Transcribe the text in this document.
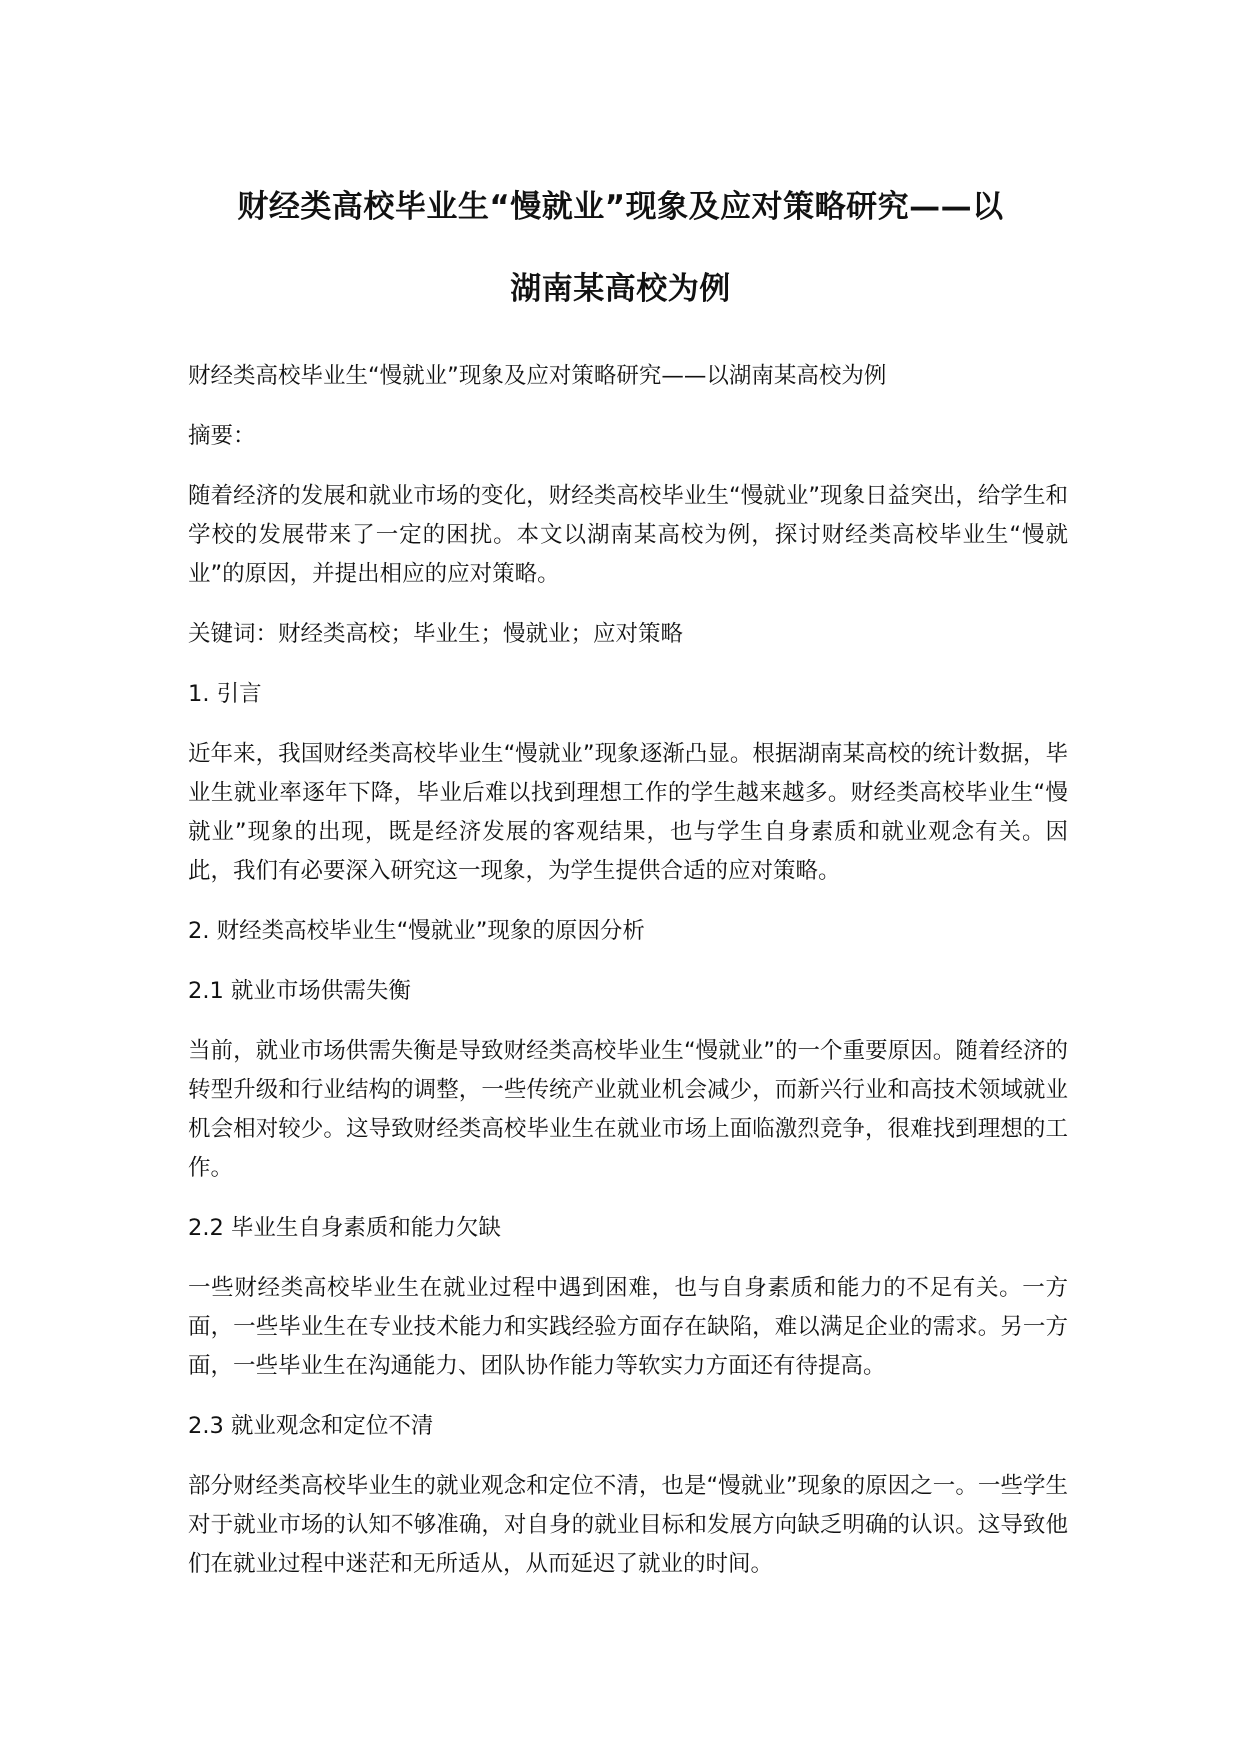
财经类高校毕业生“慢就业”现象及应对策略研究——以
湖南某高校为例

财经类高校毕业生“慢就业”现象及应对策略研究——以湖南某高校为例

摘要：

随着经济的发展和就业市场的变化，财经类高校毕业生“慢就业”现象日益突出，给学生和学校的发展带来了一定的困扰。本文以湖南某高校为例，探讨财经类高校毕业生“慢就业”的原因，并提出相应的应对策略。

关键词：财经类高校；毕业生；慢就业；应对策略

1. 引言

近年来，我国财经类高校毕业生“慢就业”现象逐渐凸显。根据湖南某高校的统计数据，毕业生就业率逐年下降，毕业后难以找到理想工作的学生越来越多。财经类高校毕业生“慢就业”现象的出现，既是经济发展的客观结果，也与学生自身素质和就业观念有关。因此，我们有必要深入研究这一现象，为学生提供合适的应对策略。

2. 财经类高校毕业生“慢就业”现象的原因分析

2.1 就业市场供需失衡

当前，就业市场供需失衡是导致财经类高校毕业生“慢就业”的一个重要原因。随着经济的转型升级和行业结构的调整，一些传统产业就业机会减少，而新兴行业和高技术领域就业机会相对较少。这导致财经类高校毕业生在就业市场上面临激烈竞争，很难找到理想的工作。

2.2 毕业生自身素质和能力欠缺

一些财经类高校毕业生在就业过程中遇到困难，也与自身素质和能力的不足有关。一方面，一些毕业生在专业技术能力和实践经验方面存在缺陷，难以满足企业的需求。另一方面，一些毕业生在沟通能力、团队协作能力等软实力方面还有待提高。

2.3 就业观念和定位不清

部分财经类高校毕业生的就业观念和定位不清，也是“慢就业”现象的原因之一。一些学生对于就业市场的认知不够准确，对自身的就业目标和发展方向缺乏明确的认识。这导致他们在就业过程中迷茫和无所适从，从而延迟了就业的时间。
